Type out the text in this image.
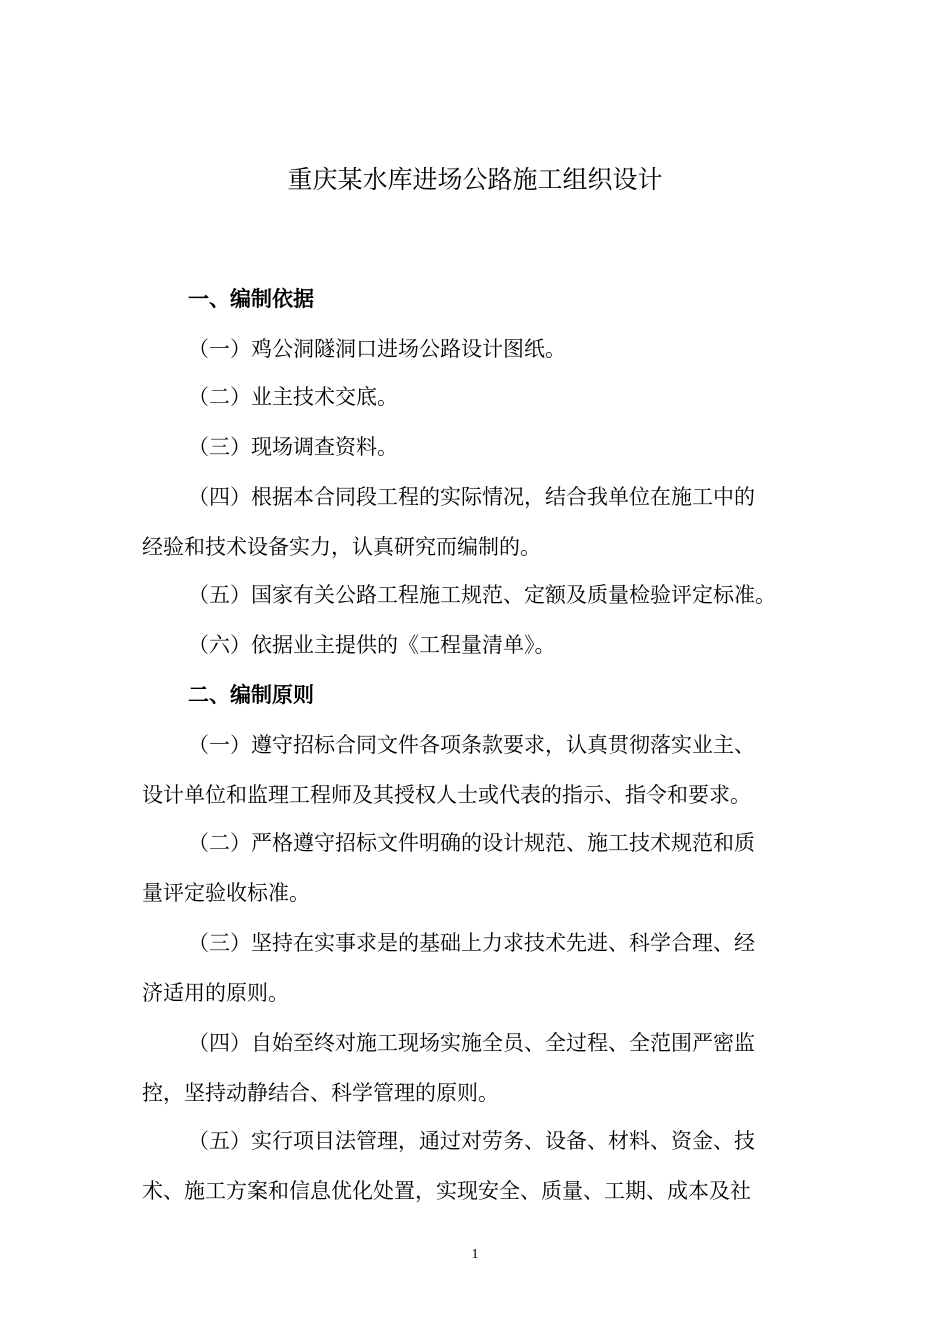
重庆某水库进场公路施工组织设计
一、编制依据
（一）鸡公洞隧洞口进场公路设计图纸。
（二）业主技术交底。
（三）现场调查资料。
（四）根据本合同段工程的实际情况，结合我单位在施工中的
经验和技术设备实力，认真研究而编制的。
（五）国家有关公路工程施工规范、定额及质量检验评定标准。
（六）依据业主提供的《工程量清单》。
二、编制原则
（一）遵守招标合同文件各项条款要求，认真贯彻落实业主、
设计单位和监理工程师及其授权人士或代表的指示、指令和要求。
（二）严格遵守招标文件明确的设计规范、施工技术规范和质
量评定验收标准。
（三）坚持在实事求是的基础上力求技术先进、科学合理、经
济适用的原则。
（四）自始至终对施工现场实施全员、全过程、全范围严密监
控，坚持动静结合、科学管理的原则。
（五）实行项目法管理，通过对劳务、设备、材料、资金、技
术、施工方案和信息优化处置，实现安全、质量、工期、成本及社
1
